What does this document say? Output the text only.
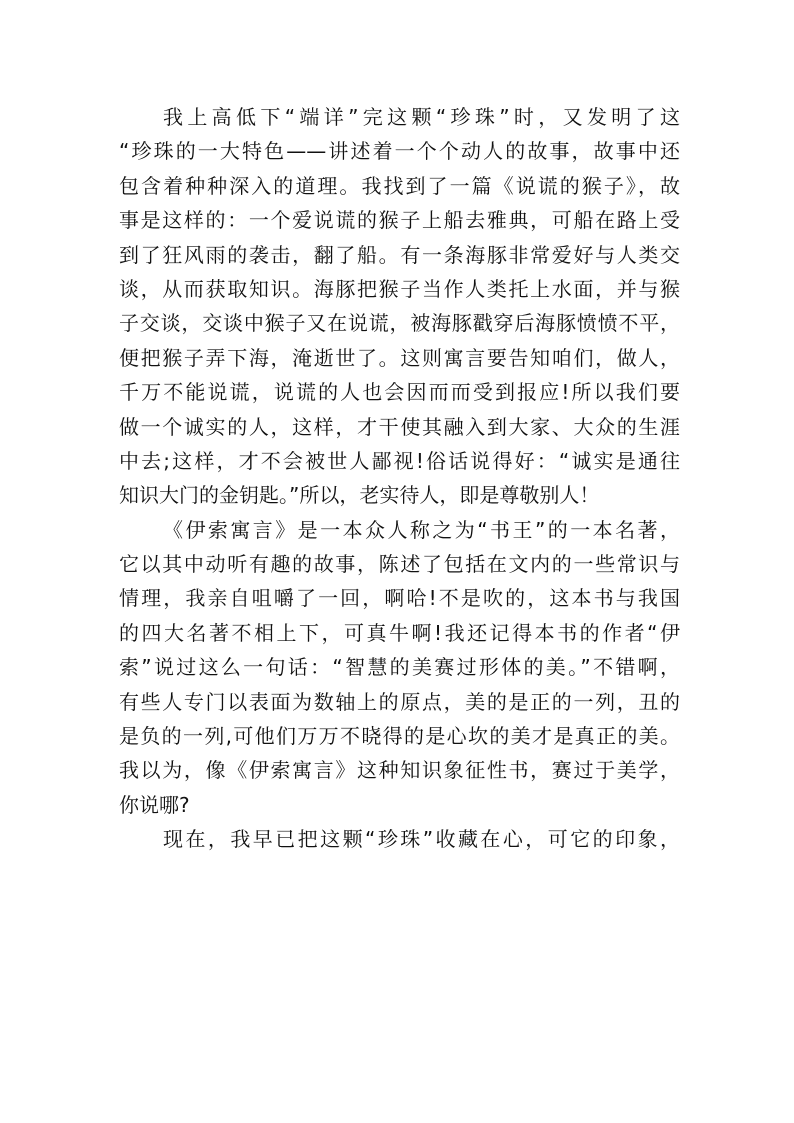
我上高低下“端详”完这颗“珍珠”时，又发明了这
“珍珠的一大特色——讲述着一个个动人的故事，故事中还
包含着种种深入的道理。我找到了一篇《说谎的猴子》，故
事是这样的：一个爱说谎的猴子上船去雅典，可船在路上受
到了狂风雨的袭击，翻了船。有一条海豚非常爱好与人类交
谈，从而获取知识。海豚把猴子当作人类托上水面，并与猴
子交谈，交谈中猴子又在说谎，被海豚戳穿后海豚愤愤不平，
便把猴子弄下海，淹逝世了。这则寓言要告知咱们，做人，
千万不能说谎，说谎的人也会因而而受到报应!所以我们要
做一个诚实的人，这样，才干使其融入到大家、大众的生涯
中去;这样，才不会被世人鄙视!俗话说得好：“诚实是通往
知识大门的金钥匙。”所以，老实待人，即是尊敬别人！
《伊索寓言》是一本众人称之为“书王”的一本名著，
它以其中动听有趣的故事，陈述了包括在文内的一些常识与
情理，我亲自咀嚼了一回，啊哈!不是吹的，这本书与我国
的四大名著不相上下，可真牛啊!我还记得本书的作者“伊
索”说过这么一句话：“智慧的美赛过形体的美。”不错啊，
有些人专门以表面为数轴上的原点，美的是正的一列，丑的
是负的一列,可他们万万不晓得的是心坎的美才是真正的美。
我以为，像《伊索寓言》这种知识象征性书，赛过于美学，
你说哪?
现在，我早已把这颗“珍珠”收藏在心，可它的印象，
